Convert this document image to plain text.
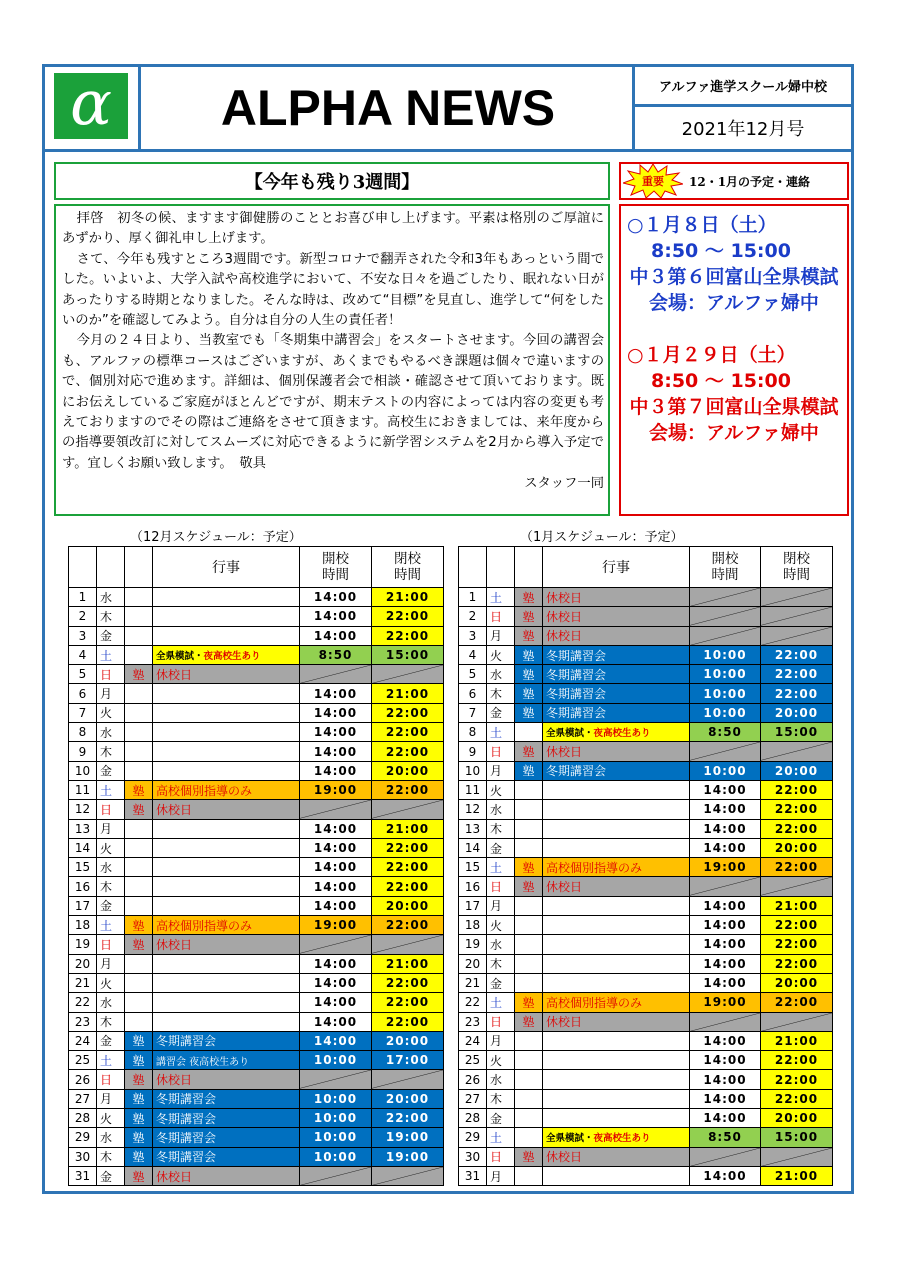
α	ALPHA NEWS	アルファ進学スクール婦中校
2021年12月号
【今年も残り3週間】

拝啓　初冬の候、ますます御健勝のこととお喜び申し上げます。平素は格別のご厚誼にあずかり、厚く御礼申し上げます。

さて、今年も残すところ3週間です。新型コロナで翻弄された令和3年もあっという間でした。いよいよ、大学入試や高校進学において、不安な日々を過ごしたり、眠れない日があったりする時期となりました。そんな時は、改めて“目標”を見直し、進学して“何をしたいのか”を確認してみよう。自分は自分の人生の責任者！

今月の２４日より、当教室でも「冬期集中講習会」をスタートさせます。今回の講習会も、アルファの標準コースはございますが、あくまでもやるべき課題は個々で違いますので、個別対応で進めます。詳細は、個別保護者会で相談・確認させて頂いております。既にお伝えしているご家庭がほとんどですが、期末テストの内容によっては内容の変更も考えておりますのでその際はご連絡をさせて頂きます。高校生におきましては、来年度からの指導要領改訂に対してスムーズに対応できるように新学習システムを2月から導入予定です。宜しくお願い致します。　敬具

スタッフ一同
重要 12・1月の予定・連絡
○１月８日（土）
8:50 ～ 15:00
中３第６回富山全県模試
会場：アルファ婦中
○１月２９日（土）
8:50 ～ 15:00
中３第７回富山全県模試
会場：アルファ婦中
（12月スケジュール：予定）	（1月スケジュール：予定）
			行事	開校
時間	閉校
時間
1	水			14:00	21:00
2	木			14:00	22:00
3	金			14:00	22:00
4	土		全県模試・夜高校生あり	8:50	15:00
5	日	塾	休校日	

6	月			14:00	21:00
7	火			14:00	22:00
8	水			14:00	22:00
9	木			14:00	22:00
10	金			14:00	20:00
11	土	塾	高校個別指導のみ	19:00	22:00
12	日	塾	休校日	

13	月			14:00	21:00
14	火			14:00	22:00
15	水			14:00	22:00
16	木			14:00	22:00
17	金			14:00	20:00
18	土	塾	高校個別指導のみ	19:00	22:00
19	日	塾	休校日	

20	月			14:00	21:00
21	火			14:00	22:00
22	水			14:00	22:00
23	木			14:00	22:00
24	金	塾	冬期講習会	14:00	20:00
25	土	塾	講習会 夜高校生あり	10:00	17:00
26	日	塾	休校日	

27	月	塾	冬期講習会	10:00	20:00
28	火	塾	冬期講習会	10:00	22:00
29	水	塾	冬期講習会	10:00	19:00
30	木	塾	冬期講習会	10:00	19:00
31	金	塾	休校日	

			行事	開校
時間	閉校
時間
1	土	塾	休校日	

2	日	塾	休校日	

3	月	塾	休校日	

4	火	塾	冬期講習会	10:00	22:00
5	水	塾	冬期講習会	10:00	22:00
6	木	塾	冬期講習会	10:00	22:00
7	金	塾	冬期講習会	10:00	20:00
8	土		全県模試・夜高校生あり	8:50	15:00
9	日	塾	休校日	

10	月	塾	冬期講習会	10:00	20:00
11	火			14:00	22:00
12	水			14:00	22:00
13	木			14:00	22:00
14	金			14:00	20:00
15	土	塾	高校個別指導のみ	19:00	22:00
16	日	塾	休校日	

17	月			14:00	21:00
18	火			14:00	22:00
19	水			14:00	22:00
20	木			14:00	22:00
21	金			14:00	20:00
22	土	塾	高校個別指導のみ	19:00	22:00
23	日	塾	休校日	

24	月			14:00	21:00
25	火			14:00	22:00
26	水			14:00	22:00
27	木			14:00	22:00
28	金			14:00	20:00
29	土		全県模試・夜高校生あり	8:50	15:00
30	日	塾	休校日	

31	月			14:00	21:00
